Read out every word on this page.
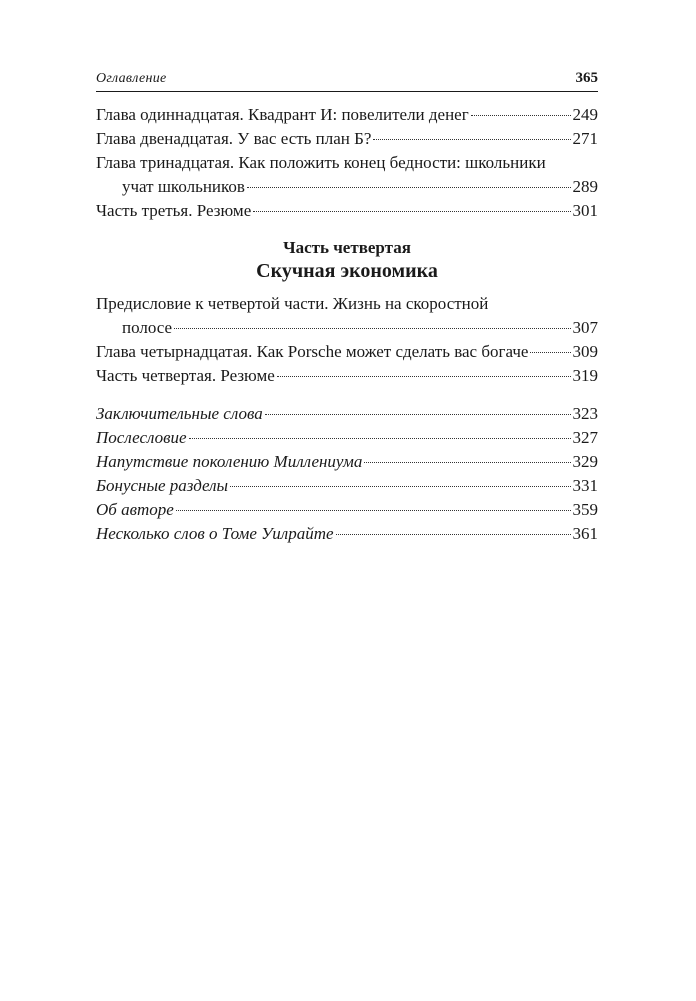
Оглавление	365
Глава одиннадцатая. Квадрант И: повелители денег	249
Глава двенадцатая. У вас есть план Б?	271
Глава тринадцатая. Как положить конец бедности: школьники
учат школьников	289
Часть третья. Резюме	301
Часть четвертая
Скучная экономика
Предисловие к четвертой части. Жизнь на скоростной
полосе	307
Глава четырнадцатая. Как Porsche может сделать вас богаче	309
Часть четвертая. Резюме	319
Заключительные слова	323
Послесловие	327
Напутствие поколению Миллениума	329
Бонусные разделы	331
Об авторе	359
Несколько слов о Томе Уилрайте	361
